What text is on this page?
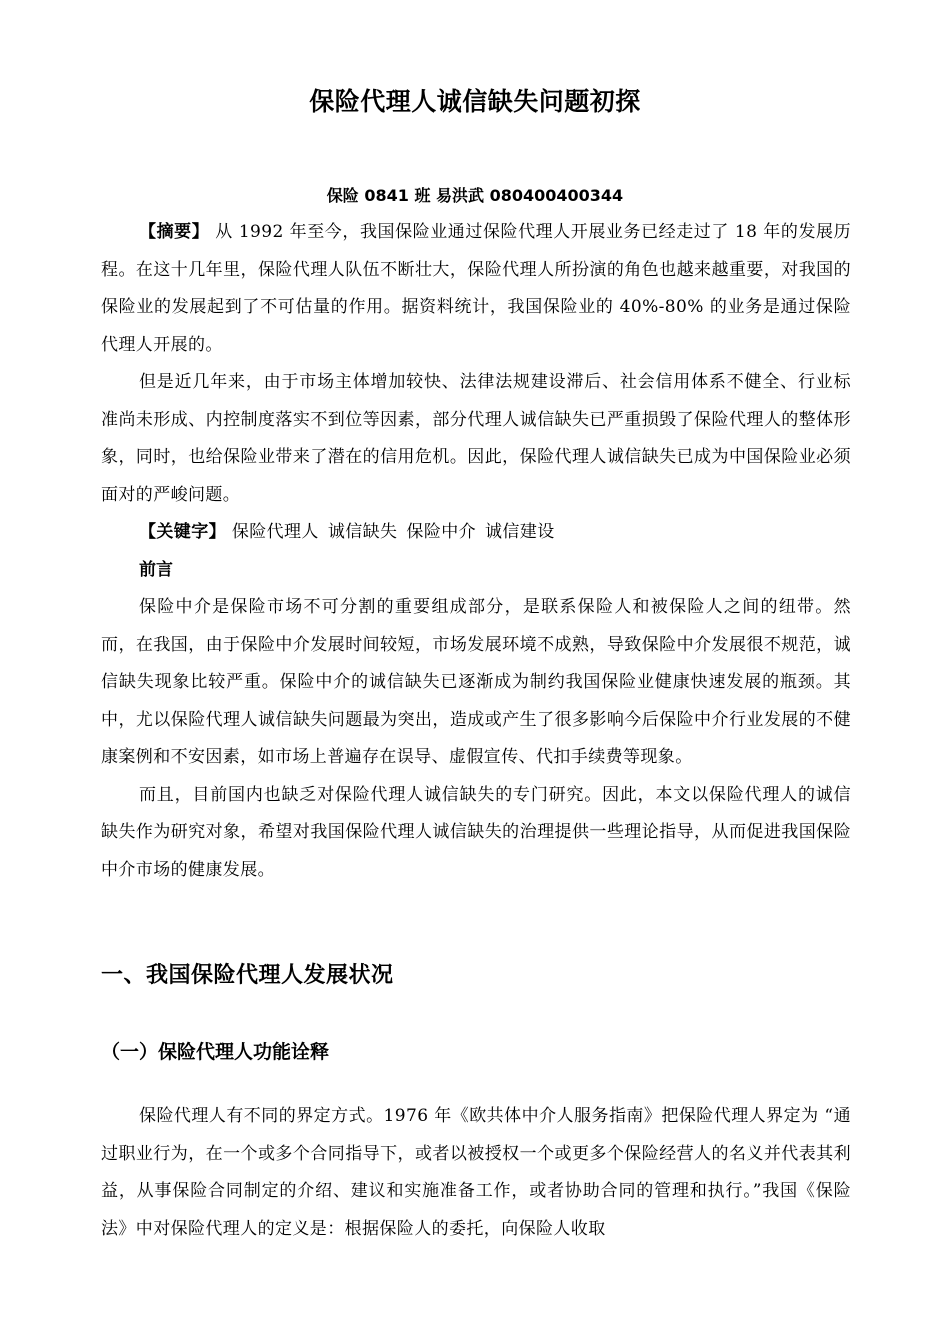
保险代理人诚信缺失问题初探
保险 0841 班 易洪武 080400400344

【摘要】 从 1992 年至今，我国保险业通过保险代理人开展业务已经走过了 18 年的发展历程。在这十几年里，保险代理人队伍不断壮大，保险代理人所扮演的角色也越来越重要，对我国的保险业的发展起到了不可估量的作用。据资料统计，我国保险业的 40%-80% 的业务是通过保险代理人开展的。

但是近几年来，由于市场主体增加较快、法律法规建设滞后、社会信用体系不健全、行业标准尚未形成、内控制度落实不到位等因素，部分代理人诚信缺失已严重损毁了保险代理人的整体形象，同时，也给保险业带来了潜在的信用危机。因此，保险代理人诚信缺失已成为中国保险业必须面对的严峻问题。

【关键字】 保险代理人 诚信缺失 保险中介 诚信建设

前言

保险中介是保险市场不可分割的重要组成部分，是联系保险人和被保险人之间的纽带。然而，在我国，由于保险中介发展时间较短，市场发展环境不成熟，导致保险中介发展很不规范，诚信缺失现象比较严重。保险中介的诚信缺失已逐渐成为制约我国保险业健康快速发展的瓶颈。其中，尤以保险代理人诚信缺失问题最为突出，造成或产生了很多影响今后保险中介行业发展的不健康案例和不安因素，如市场上普遍存在误导、虚假宣传、代扣手续费等现象。

而且，目前国内也缺乏对保险代理人诚信缺失的专门研究。因此，本文以保险代理人的诚信缺失作为研究对象，希望对我国保险代理人诚信缺失的治理提供一些理论指导，从而促进我国保险中介市场的健康发展。

一、我国保险代理人发展状况
（一）保险代理人功能诠释

保险代理人有不同的界定方式。1976 年《欧共体中介人服务指南》把保险代理人界定为 “通过职业行为，在一个或多个合同指导下，或者以被授权一个或更多个保险经营人的名义并代表其利益，从事保险合同制定的介绍、建议和实施准备工作，或者协助合同的管理和执行。”我国《保险法》中对保险代理人的定义是：根据保险人的委托，向保险人收取
